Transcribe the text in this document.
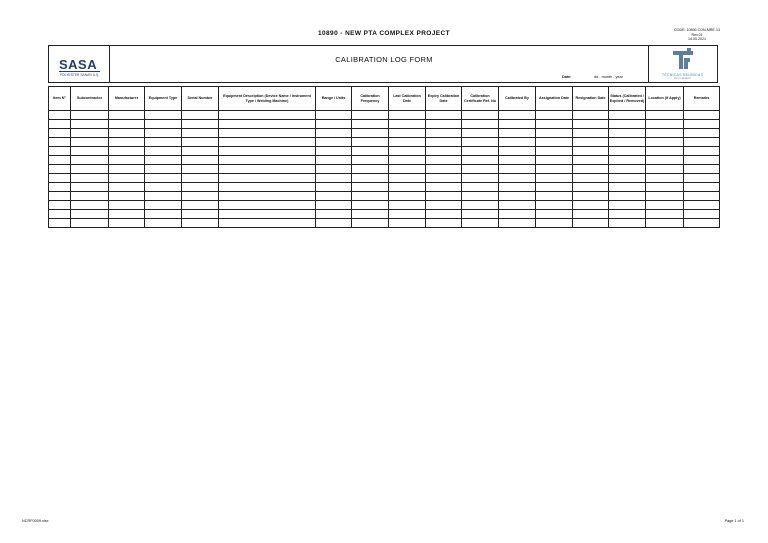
10890 - NEW PTA COMPLEX PROJECT	CODE: 10890-CON-MRE-13
Rev.01
14.05.2021
SASA
POLYESTER SANAYI A.Ş.
CALIBRATION LOG FORM
Date:	dd - month - year	TÉCNICAS REUNIDAS
PROCUREMENT
Item N°	Subcontractor	Manufacturer	Equipment Type	Serial Number	Equipment Description (Device Name / Instrument Type / Welding Machine)	Range / Units	Calibration Frequency	Last Calibration Date	Expiry Calibration Date	Calibration Certificate Ref. No	Calibrated By	Assignation Date	Resignation Date	Status (Calibrated / Expired / Removed)	Location (if Apply)	Remarks

NCRF0009.xlsx	Page 1 of 1
